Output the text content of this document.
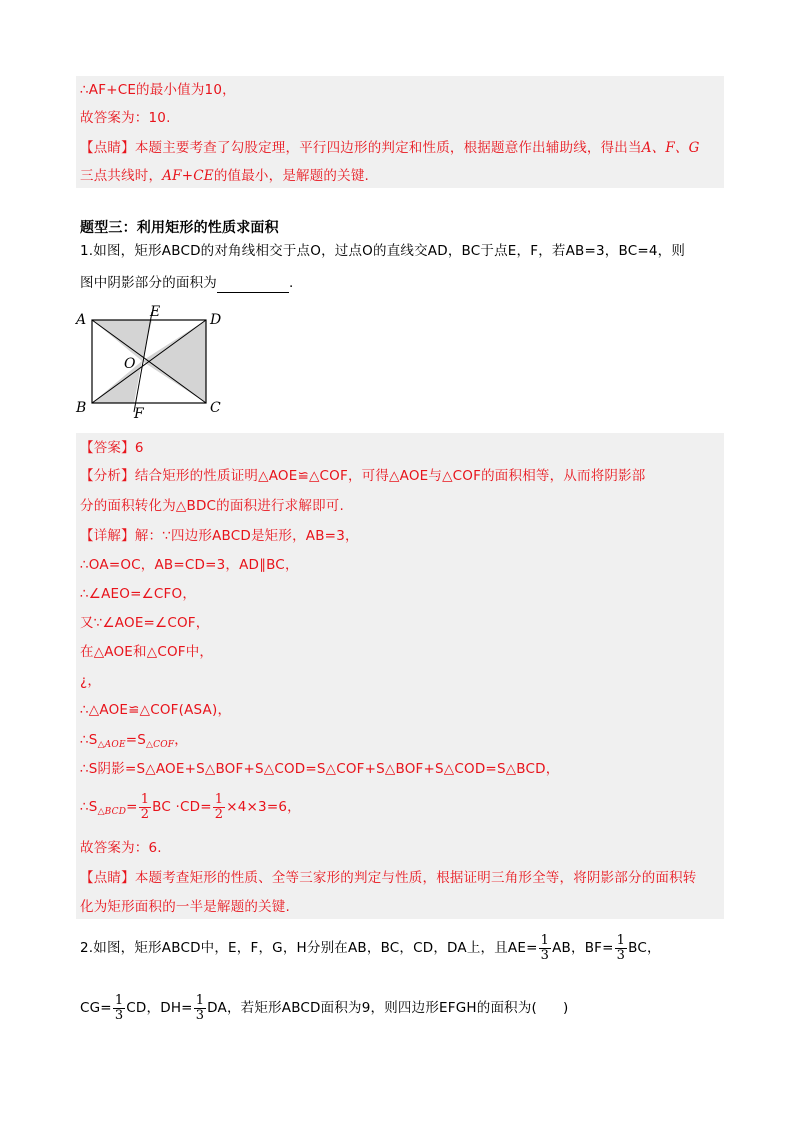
∴AF+CE的最小值为10，
故答案为：10.
【点睛】本题主要考查了勾股定理，平行四边形的判定和性质，根据题意作出辅助线，得出当A、F、G
三点共线时，AF+CE的值最小，是解题的关键.
题型三：利用矩形的性质求面积
1.如图，矩形ABCD的对角线相交于点O，过点O的直线交AD，BC于点E，F，若AB=3，BC=4，则
图中阴影部分的面积为	.
A
B	C
D
E
F
O
【答案】6
【分析】结合矩形的性质证明△AOE≌△COF，可得△AOE与△COF的面积相等，从而将阴影部
分的面积转化为△BDC的面积进行求解即可.
【详解】解：∵四边形ABCD是矩形，AB=3，
∴OA=OC，AB=CD=3，AD∥BC，
∴∠AEO=∠CFO，
又∵∠AOE=∠COF，
在△AOE和△COF中，
¿，
∴△AOE≌△COF(ASA)，
$\therefore S_{\triangle AOE}=S_{\triangle COF}$，
∴S阴影=S△AOE+S△BOF+S△COD=S△COF+S△BOF+S△COD=S△BCD，
$\therefore S_{\triangle BCD}= \frac{1}{2}$ BC $\cdot CD= \frac{1}{2} \times 4\times 3=6$，
故答案为：6.
【点睛】本题考查矩形的性质、全等三家形的判定与性质，根据证明三角形全等，将阴影部分的面积转
化为矩形面积的一半是解题的关键.
2.如图，矩形ABCD中，E，F，G，H分别在AB，BC，CD，DA上，且$AE= \frac{1}{3}$ AB，$BF= \frac{1}{3}$ BC，
$CG= \frac{1}{3}$ CD，$DH= \frac{1}{3}$ DA，若矩形ABCD面积为9，则四边形EFGH的面积为( )
